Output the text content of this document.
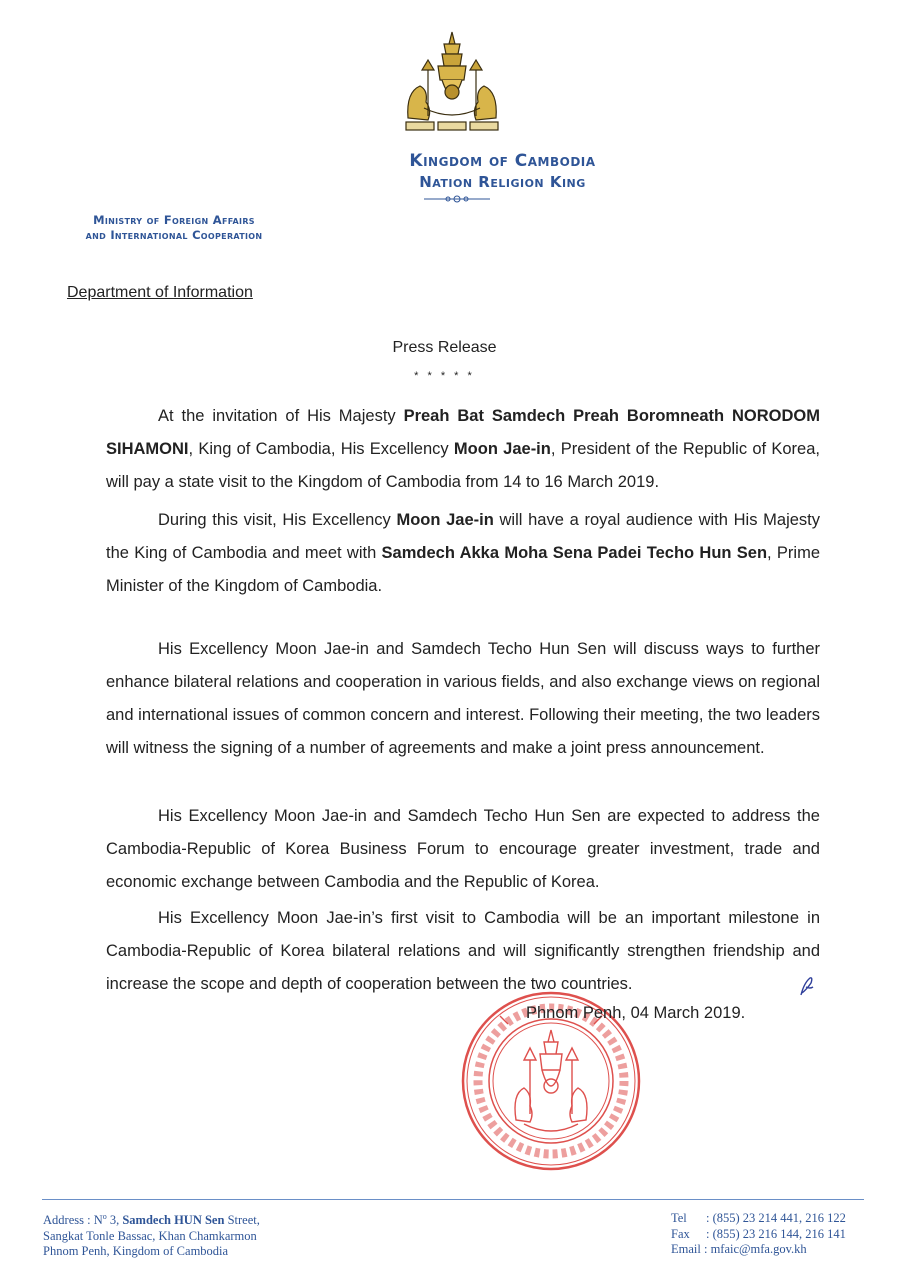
Kingdom of Cambodia
Nation Religion King
Ministry of Foreign Affairs
and International Cooperation
Department of Information
Press Release
* * * * *

At the invitation of His Majesty Preah Bat Samdech Preah Boromneath NORODOM SIHAMONI, King of Cambodia, His Excellency Moon Jae-in, President of the Republic of Korea, will pay a state visit to the Kingdom of Cambodia from 14 to 16 March 2019.

During this visit, His Excellency Moon Jae-in will have a royal audience with His Majesty the King of Cambodia and meet with Samdech Akka Moha Sena Padei Techo Hun Sen, Prime Minister of the Kingdom of Cambodia.

His Excellency Moon Jae-in and Samdech Techo Hun Sen will discuss ways to further enhance bilateral relations and cooperation in various fields, and also exchange views on regional and international issues of common concern and interest. Following their meeting, the two leaders will witness the signing of a number of agreements and make a joint press announcement.

His Excellency Moon Jae-in and Samdech Techo Hun Sen are expected to address the Cambodia-Republic of Korea Business Forum to encourage greater investment, trade and economic exchange between Cambodia and the Republic of Korea.

His Excellency Moon Jae-in’s first visit to Cambodia will be an important milestone in Cambodia-Republic of Korea bilateral relations and will significantly strengthen friendship and increase the scope and depth of cooperation between the two countries.

Phnom Penh, 04 March 2019.
Address : $N^o$ 3, Samdech HUN Sen Street,
Sangkat Tonle Bassac, Khan Chamkarmon
Phnom Penh, Kingdom of Cambodia
Tel : (855) 23 214 441, 216 122
Fax : (855) 23 216 144, 216 141
Email : mfaic@mfa.gov.kh
